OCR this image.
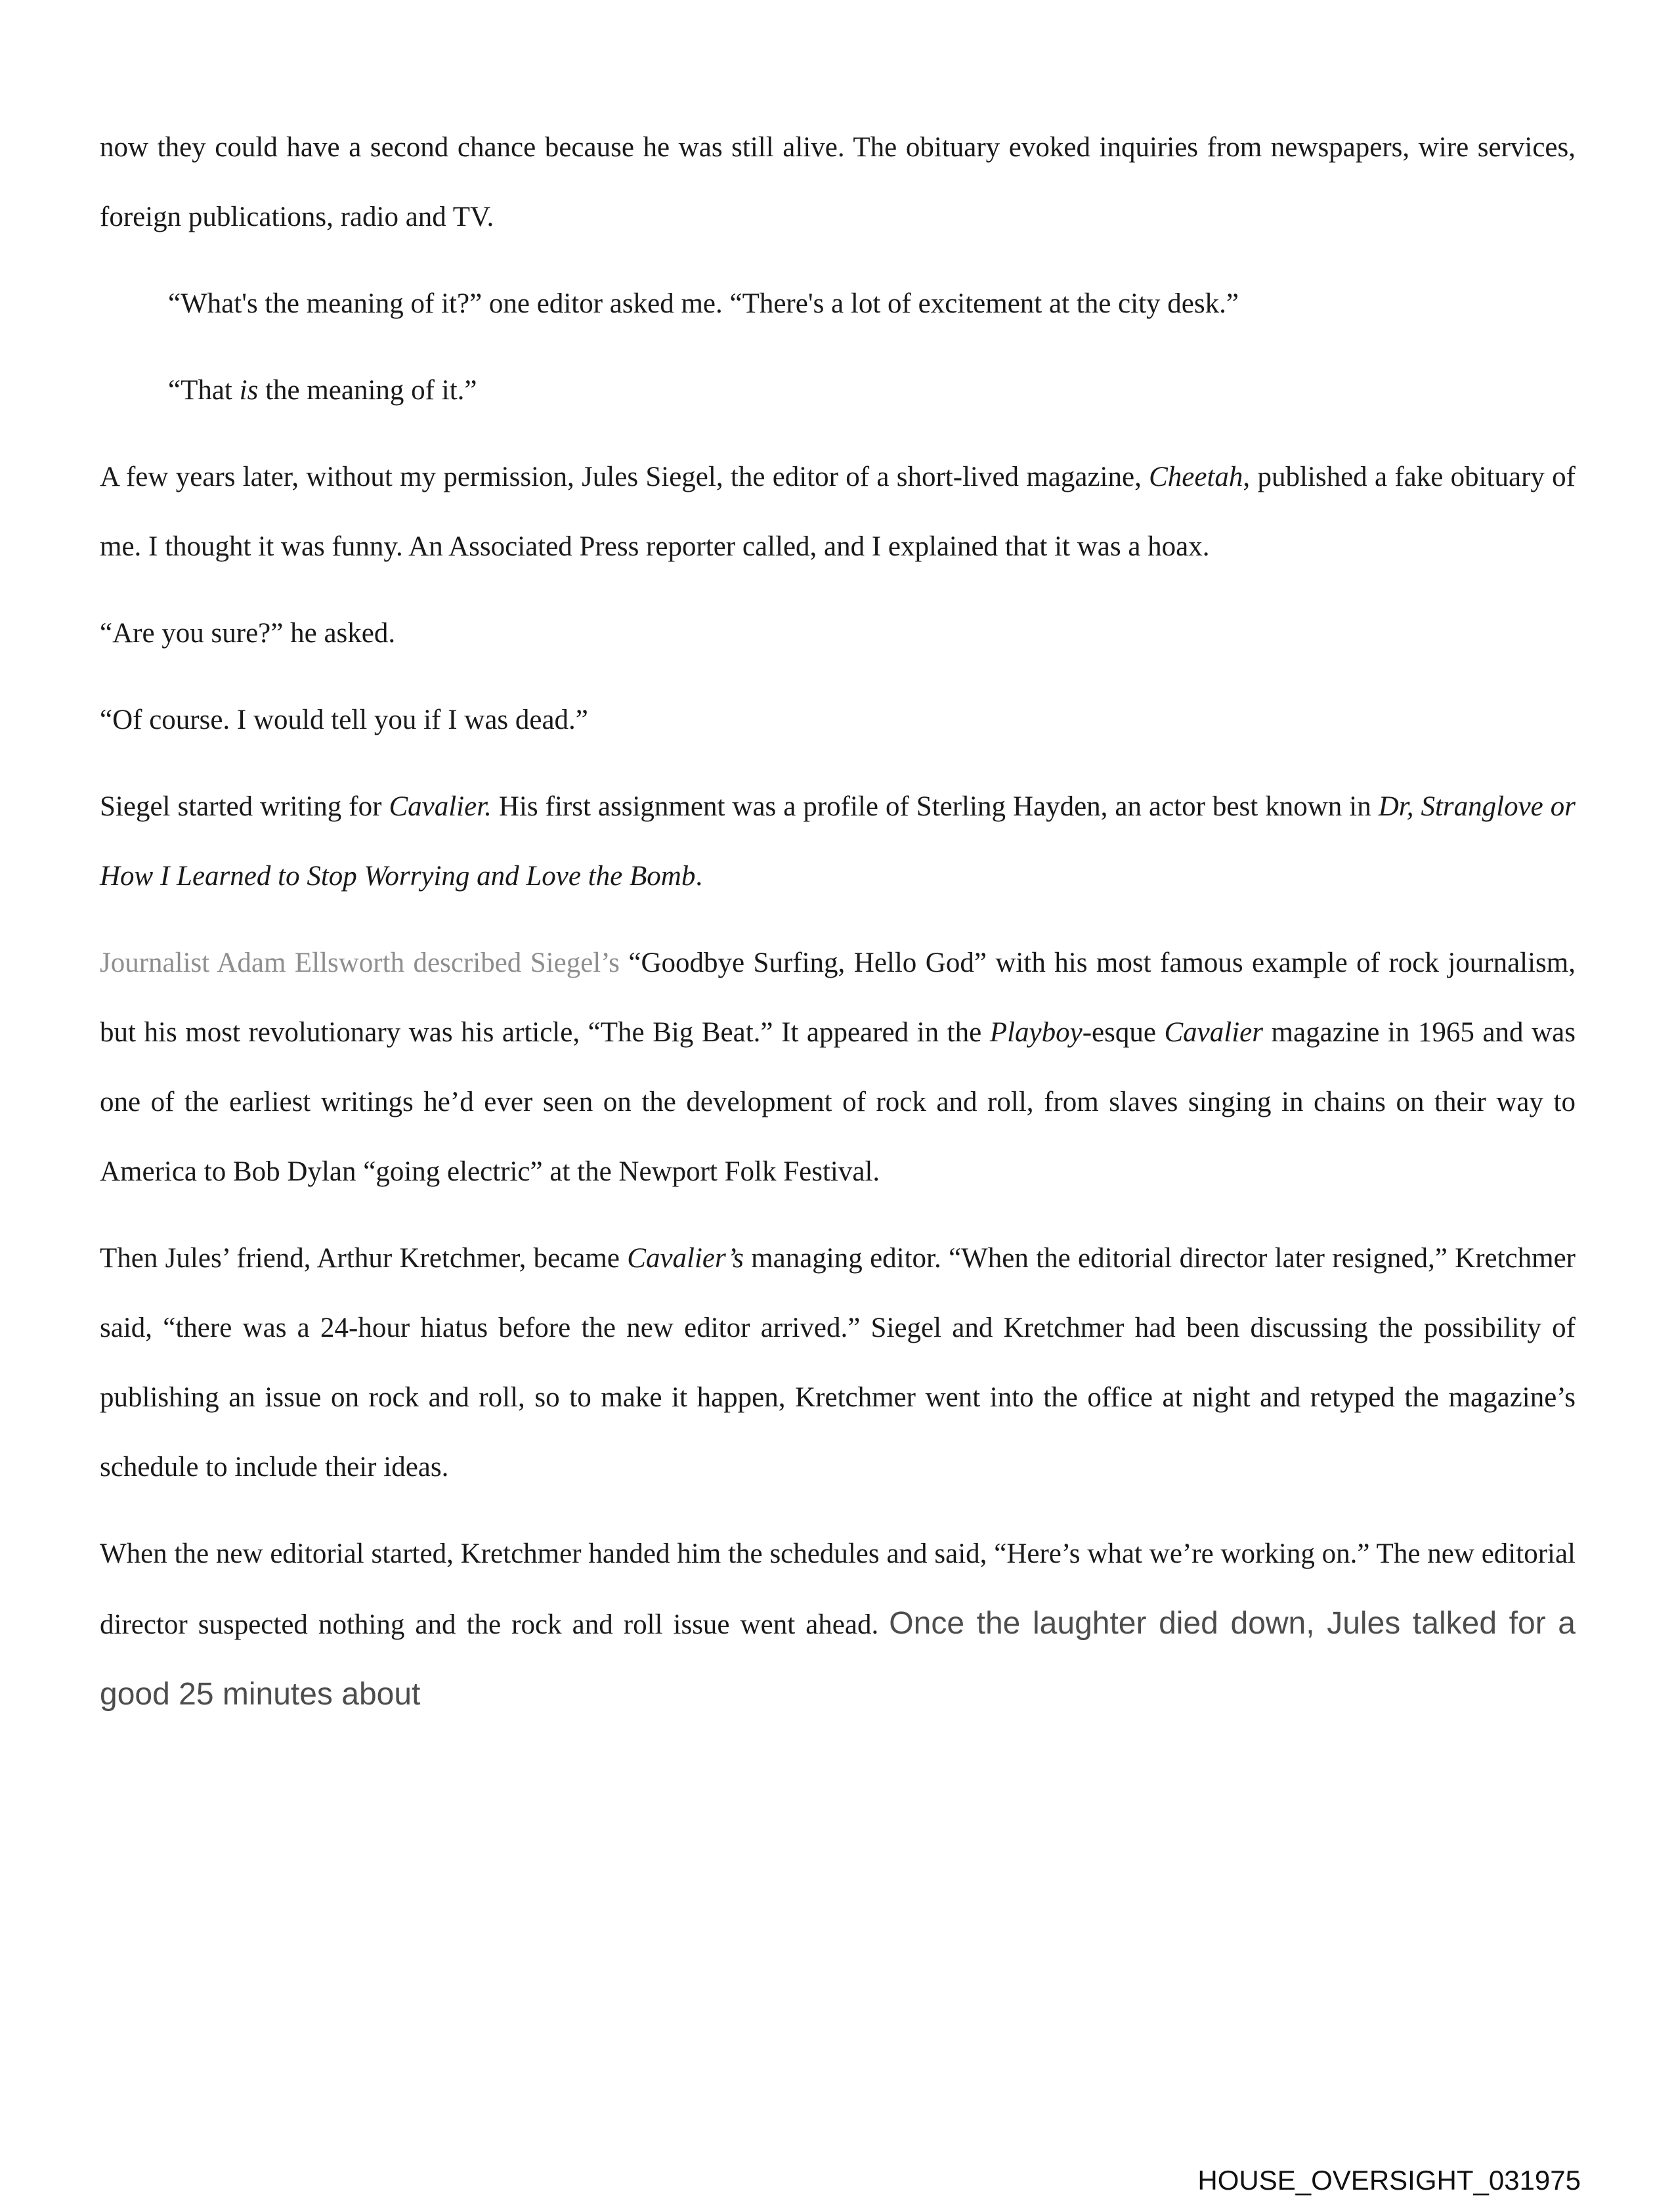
now they could have a second chance because he was still alive. The obituary evoked inquiries from newspapers, wire services, foreign publications, radio and TV.

“What's the meaning of it?” one editor asked me. “There's a lot of excitement at the city desk.”

“That is the meaning of it.”

A few years later, without my permission, Jules Siegel, the editor of a short-lived magazine, Cheetah, published a fake obituary of me. I thought it was funny. An Associated Press reporter called, and I explained that it was a hoax.

“Are you sure?” he asked.

“Of course. I would tell you if I was dead.”

Siegel started writing for Cavalier. His first assignment was a profile of Sterling Hayden, an actor best known in Dr, Stranglove or How I Learned to Stop Worrying and Love the Bomb.

Journalist Adam Ellsworth described Siegel’s “Goodbye Surfing, Hello God” with his most famous example of rock journalism, but his most revolutionary was his article, “The Big Beat.” It appeared in the Playboy-esque Cavalier magazine in 1965 and was one of the earliest writings he’d ever seen on the development of rock and roll, from slaves singing in chains on their way to America to Bob Dylan “going electric” at the Newport Folk Festival.

Then Jules’ friend, Arthur Kretchmer, became Cavalier’s managing editor. “When the editorial director later resigned,” Kretchmer said, “there was a 24-hour hiatus before the new editor arrived.” Siegel and Kretchmer had been discussing the possibility of publishing an issue on rock and roll, so to make it happen, Kretchmer went into the office at night and retyped the magazine’s schedule to include their ideas.

When the new editorial started, Kretchmer handed him the schedules and said, “Here’s what we’re working on.” The new editorial director suspected nothing and the rock and roll issue went ahead. Once the laughter died down, Jules talked for a good 25 minutes about

HOUSE_OVERSIGHT_031975
